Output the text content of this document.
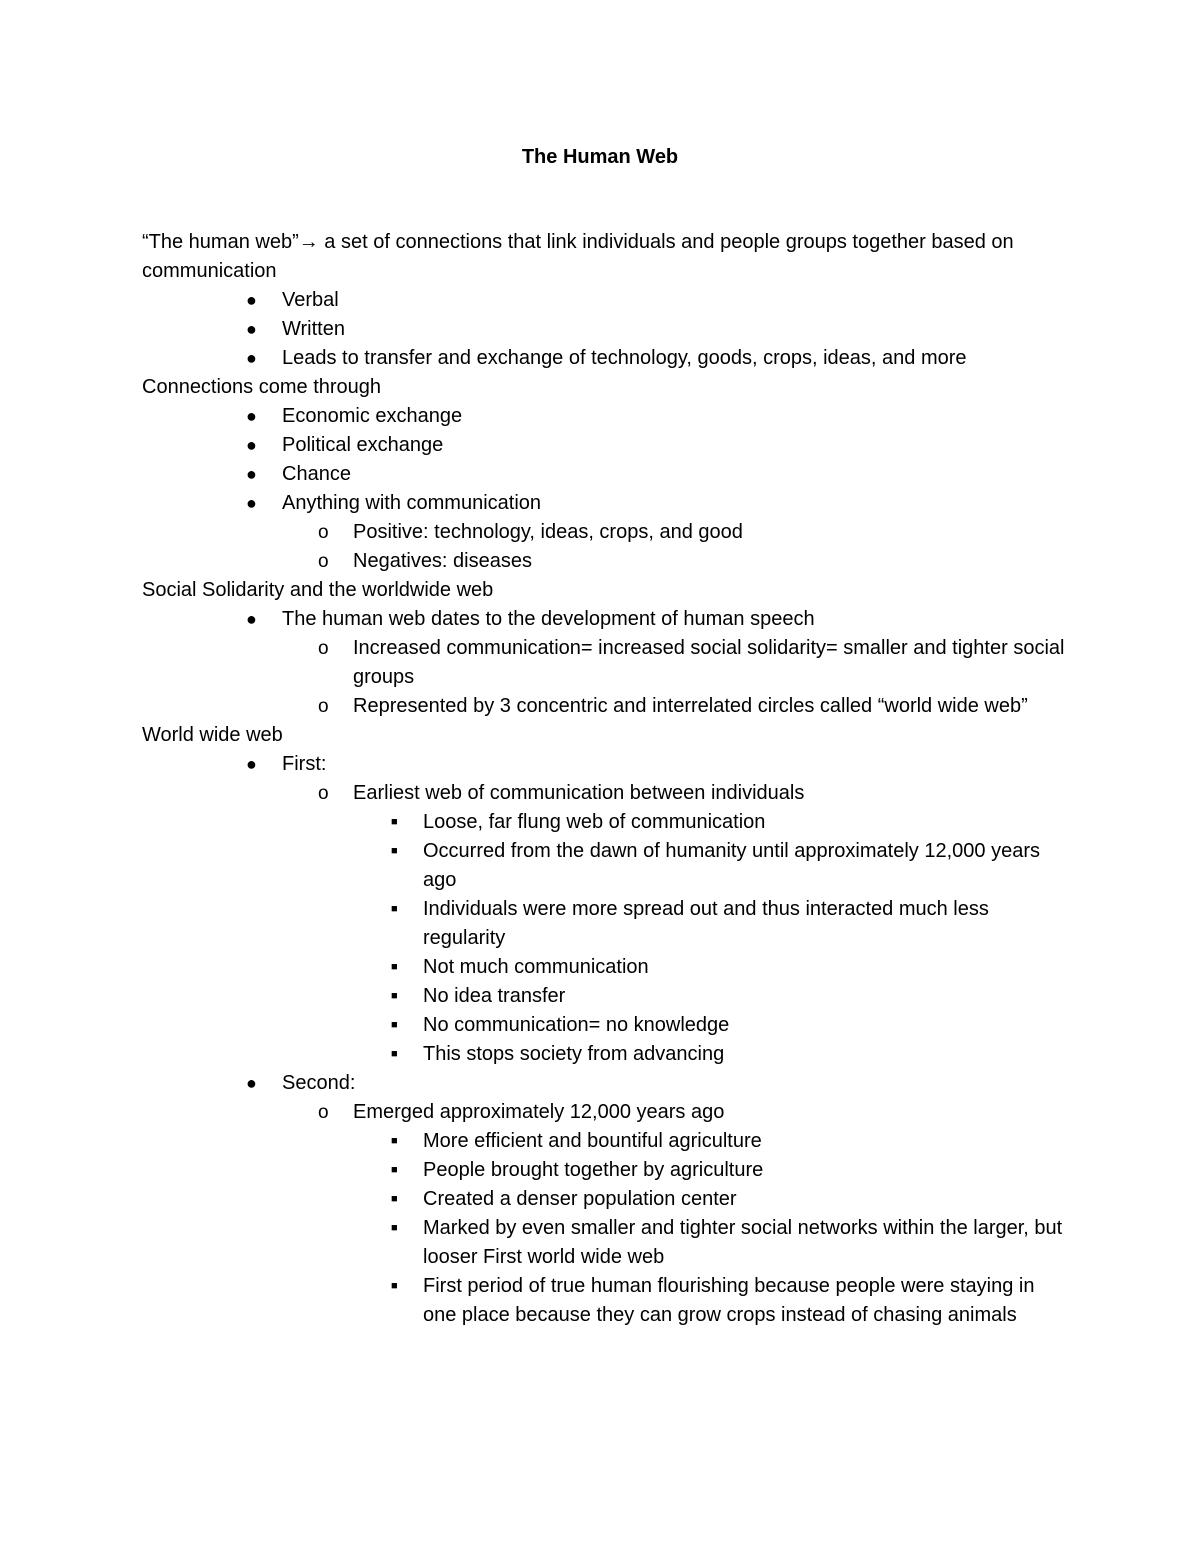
The Human Web

“The human web”→ a set of connections that link individuals and people groups together based on communication

● Verbal
● Written
● Leads to transfer and exchange of technology, goods, crops, ideas, and more

Connections come through

● Economic exchange
● Political exchange
● Chance
● Anything with communication
o Positive: technology, ideas, crops, and good
o Negatives: diseases

Social Solidarity and the worldwide web

● The human web dates to the development of human speech
o Increased communication= increased social solidarity= smaller and tighter social groups
o Represented by 3 concentric and interrelated circles called “world wide web”

World wide web

● First:
o Earliest web of communication between individuals
■ Loose, far flung web of communication
■ Occurred from the dawn of humanity until approximately 12,000 years ago
■ Individuals were more spread out and thus interacted much less regularity
■ Not much communication
■ No idea transfer
■ No communication= no knowledge
■ This stops society from advancing
● Second:
o Emerged approximately 12,000 years ago
■ More efficient and bountiful agriculture
■ People brought together by agriculture
■ Created a denser population center
■ Marked by even smaller and tighter social networks within the larger, but looser First world wide web
■ First period of true human flourishing because people were staying in one place because they can grow crops instead of chasing animals
